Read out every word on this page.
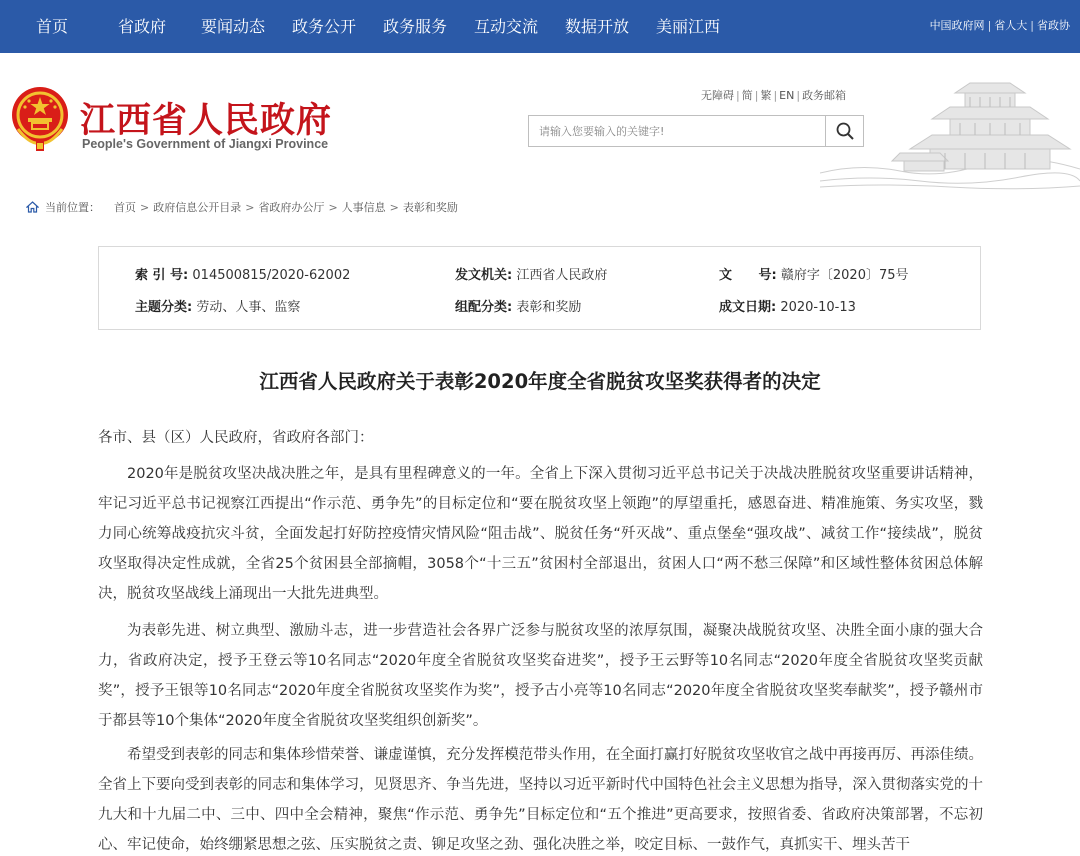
首页	省政府 要闻动态 政务公开 政务服务 互动交流 数据开放 美丽江西	中国政府网 | 省人大 | 省政协
江西省人民政府
People's Government of Jiangxi Province
无障碍 | 简 | 繁 | EN | 政务邮箱
请输入您要输入的关键字!
当前位置： 首页 > 政府信息公开目录 > 省政府办公厅 > 人事信息 > 表彰和奖励
索 引 号: 014500815/2020-62002	发文机关: 江西省人民政府	文 号: 赣府字〔2020〕75号
主题分类: 劳动、人事、监察	组配分类: 表彰和奖励	成文日期: 2020-10-13
江西省人民政府关于表彰2020年度全省脱贫攻坚奖获得者的决定
各市、县（区）人民政府，省政府各部门：

2020年是脱贫攻坚决战决胜之年，是具有里程碑意义的一年。全省上下深入贯彻习近平总书记关于决战决胜脱贫攻坚重要讲话精神，牢记习近平总书记视察江西提出“作示范、勇争先”的目标定位和“要在脱贫攻坚上领跑”的厚望重托，感恩奋进、精准施策、务实攻坚，戮力同心统筹战疫抗灾斗贫，全面发起打好防控疫情灾情风险“阻击战”、脱贫任务“歼灭战”、重点堡垒“强攻战”、减贫工作“接续战”，脱贫攻坚取得决定性成就，全省25个贫困县全部摘帽，3058个“十三五”贫困村全部退出，贫困人口“两不愁三保障”和区域性整体贫困总体解决，脱贫攻坚战线上涌现出一大批先进典型。

为表彰先进、树立典型、激励斗志，进一步营造社会各界广泛参与脱贫攻坚的浓厚氛围，凝聚决战脱贫攻坚、决胜全面小康的强大合力，省政府决定，授予王登云等10名同志“2020年度全省脱贫攻坚奖奋进奖”，授予王云野等10名同志“2020年度全省脱贫攻坚奖贡献奖”，授予王银等10名同志“2020年度全省脱贫攻坚奖作为奖”，授予古小亮等10名同志“2020年度全省脱贫攻坚奖奉献奖”，授予赣州市于都县等10个集体“2020年度全省脱贫攻坚奖组织创新奖”。

希望受到表彰的同志和集体珍惜荣誉、谦虚谨慎，充分发挥模范带头作用，在全面打赢打好脱贫攻坚收官之战中再接再厉、再添佳绩。全省上下要向受到表彰的同志和集体学习，见贤思齐、争当先进，坚持以习近平新时代中国特色社会主义思想为指导，深入贯彻落实党的十九大和十九届二中、三中、四中全会精神，聚焦“作示范、勇争先”目标定位和“五个推进”更高要求，按照省委、省政府决策部署，不忘初心、牢记使命，始终绷紧思想之弦、压实脱贫之责、铆足攻坚之劲、强化决胜之举，咬定目标、一鼓作气，真抓实干、埋头苦干
